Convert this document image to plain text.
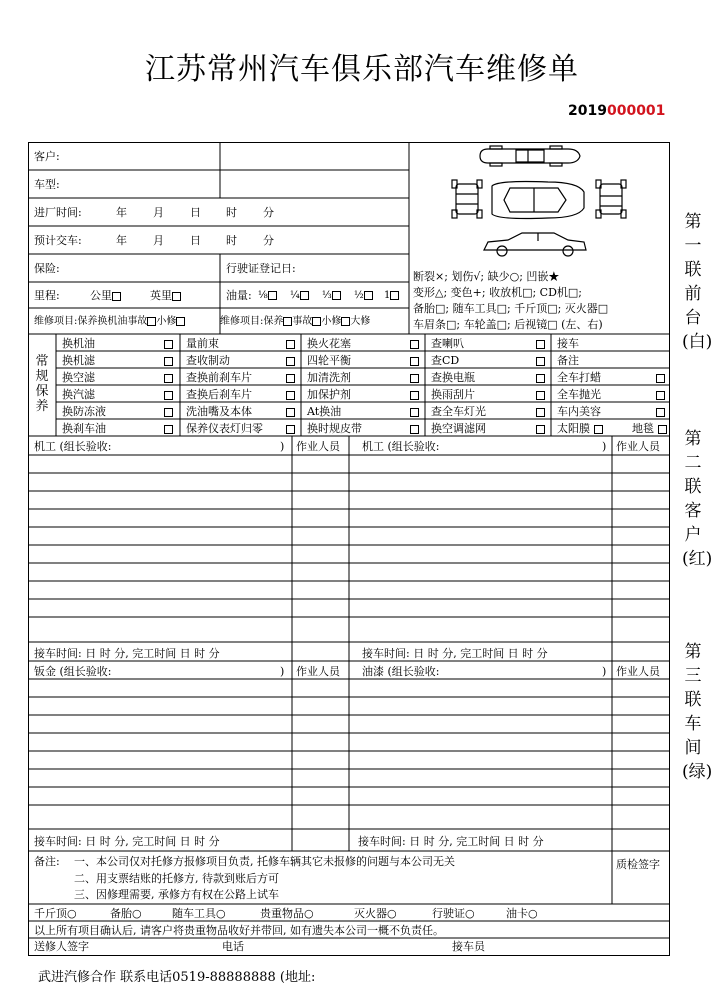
江苏常州汽车俱乐部汽车维修单
2019000001
客户:
车型:
进厂时间:	年 月 日 时 分
预计交车:	年 月 日 时 分
保险:	行驶证登记日:
里程:	公里	英里	油量: ⅛	¼	⅓	½	1
维修项目:保养换机油事故 小修	维修项目:保养 事故 小修 大修
断裂×; 划伤√; 缺少○; 凹嵌★
变形△; 变色+; 收放机□; CD机□;
备胎□; 随车工具□; 千斤顶□; 灭火器□
车眉条□; 车轮盖□; 后视镜□ (左、右)
常规保养
换机油	量前束	换火花塞	查喇叭	接车
换机滤	查收制动	四轮平衡	查CD	备注
换空滤	查换前刹车片	加清洗剂	查换电瓶	全车打蜡
换汽滤	查换后刹车片	加保护剂	换雨刮片	全车抛光
换防冻液	洗油嘴及本体	At换油	查全车灯光	车内美容
换刹车油	保养仪表灯归零	换时规皮带	换空调滤网	太阳膜	地毯
机工 (组长验收:	) 作业人员 机工 (组长验收:	) 作业人员
接车时间: 日 时 分, 完工时间 日 时 分	接车时间: 日 时 分, 完工时间 日 时 分
钣金 (组长验收:	) 作业人员 油漆 (组长验收:	) 作业人员
接车时间: 日 时 分, 完工时间 日 时 分	接车时间: 日 时 分, 完工时间 日 时 分
备注: 一、本公司仅对托修方报修项目负责, 托修车辆其它未报修的问题与本公司无关
二、用支票结账的托修方, 待款到账后方可
三、因修理需要, 承修方有权在公路上试车
质检签字
千斤顶○	备胎○	随车工具○	贵重物品○	灭火器○	行驶证○	油卡○
以上所有项目确认后, 请客户将贵重物品收好并带回, 如有遗失本公司一概不负责任。
送修人签字	电话	接车员
第一联前台(白)
第二联客户(红)
第三联车间(绿)
武进汽修合作 联系电话0519-88888888 (地址:
